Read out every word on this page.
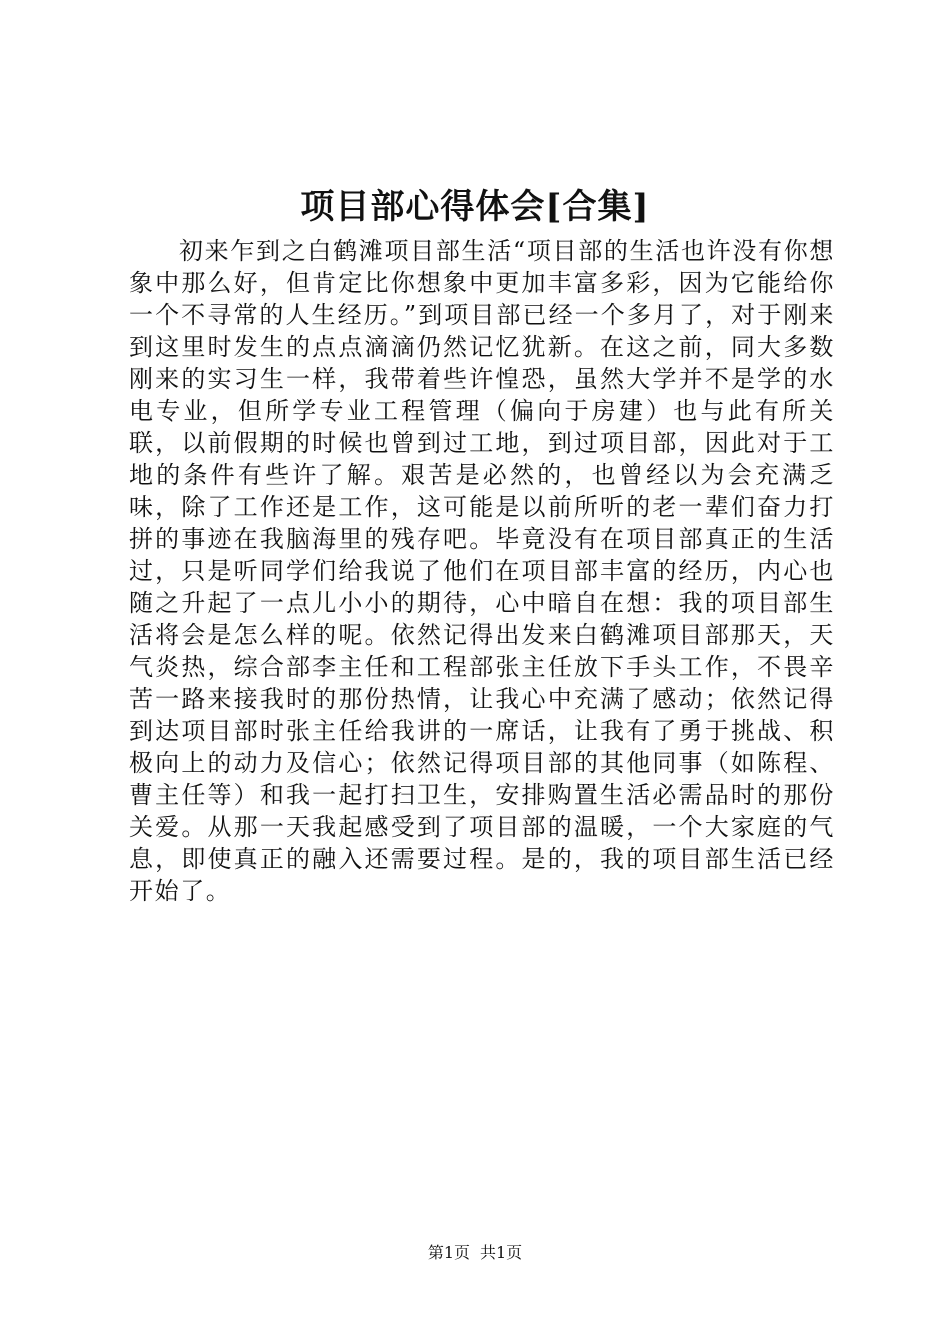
项目部心得体会[合集]

初来乍到之白鹤滩项目部生活“项目部的生活也许没有你想象中那么好，但肯定比你想象中更加丰富多彩，因为它能给你一个不寻常的人生经历。”到项目部已经一个多月了，对于刚来到这里时发生的点点滴滴仍然记忆犹新。在这之前，同大多数刚来的实习生一样，我带着些许惶恐，虽然大学并不是学的水电专业，但所学专业工程管理（偏向于房建）也与此有所关联，以前假期的时候也曾到过工地，到过项目部，因此对于工地的条件有些许了解。艰苦是必然的，也曾经以为会充满乏味，除了工作还是工作，这可能是以前所听的老一辈们奋力打拼的事迹在我脑海里的残存吧。毕竟没有在项目部真正的生活过，只是听同学们给我说了他们在项目部丰富的经历，内心也随之升起了一点儿小小的期待，心中暗自在想：我的项目部生活将会是怎么样的呢。依然记得出发来白鹤滩项目部那天，天气炎热，综合部李主任和工程部张主任放下手头工作，不畏辛苦一路来接我时的那份热情，让我心中充满了感动；依然记得到达项目部时张主任给我讲的一席话，让我有了勇于挑战、积极向上的动力及信心；依然记得项目部的其他同事（如陈程、曹主任等）和我一起打扫卫生，安排购置生活必需品时的那份关爱。从那一天我起感受到了项目部的温暖，一个大家庭的气息，即使真正的融入还需要过程。是的，我的项目部生活已经开始了。

第1页 共1页
